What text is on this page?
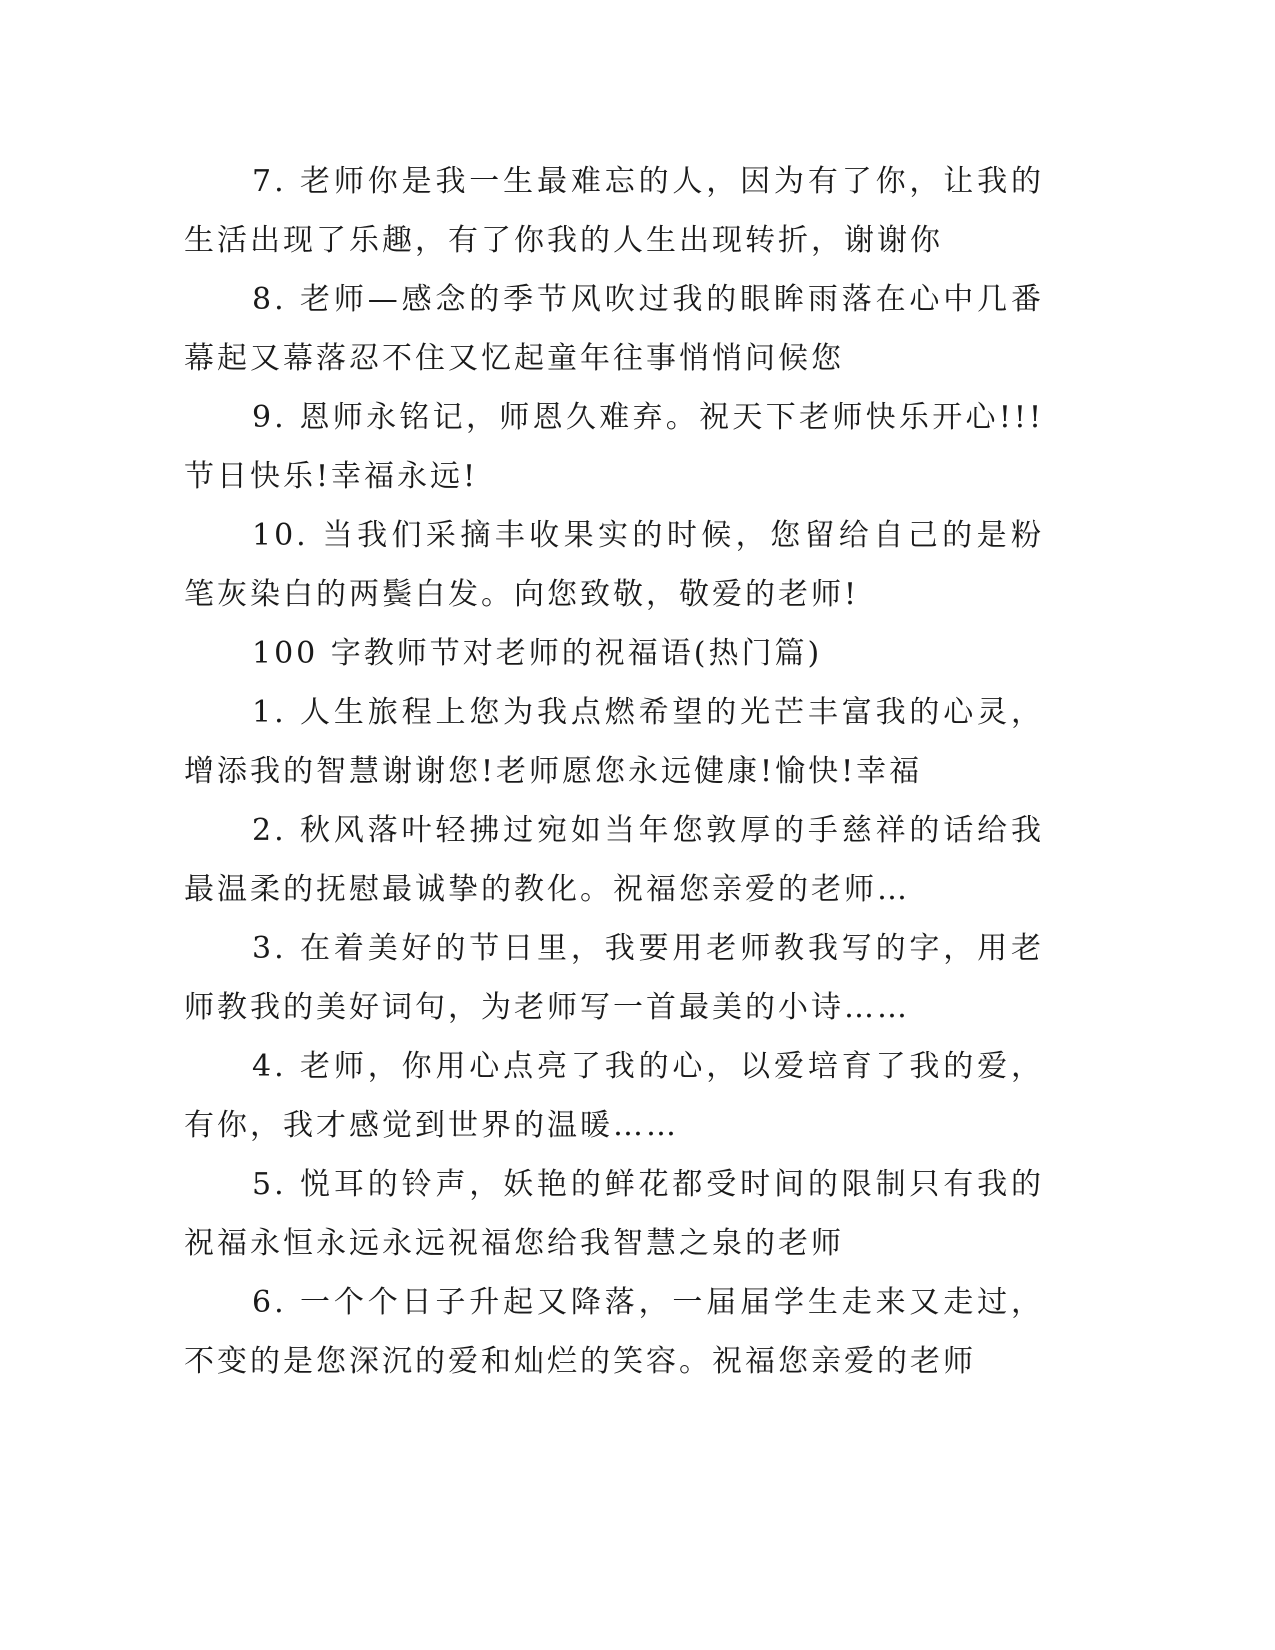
7. 老师你是我一生最难忘的人，因为有了你，让我的生活出现了乐趣，有了你我的人生出现转折，谢谢你

8. 老师—感念的季节风吹过我的眼眸雨落在心中几番幕起又幕落忍不住又忆起童年往事悄悄问候您

9. 恩师永铭记，师恩久难弃。祝天下老师快乐开心!!!节日快乐!幸福永远!

10. 当我们采摘丰收果实的时候，您留给自己的是粉笔灰染白的两鬓白发。向您致敬，敬爱的老师!

100 字教师节对老师的祝福语(热门篇)

1. 人生旅程上您为我点燃希望的光芒丰富我的心灵，增添我的智慧谢谢您!老师愿您永远健康!愉快!幸福

2. 秋风落叶轻拂过宛如当年您敦厚的手慈祥的话给我最温柔的抚慰最诚挚的教化。祝福您亲爱的老师…

3. 在着美好的节日里，我要用老师教我写的字，用老师教我的美好词句，为老师写一首最美的小诗……

4. 老师，你用心点亮了我的心，以爱培育了我的爱，有你，我才感觉到世界的温暖……

5. 悦耳的铃声，妖艳的鲜花都受时间的限制只有我的祝福永恒永远永远祝福您给我智慧之泉的老师

6. 一个个日子升起又降落，一届届学生走来又走过，不变的是您深沉的爱和灿烂的笑容。祝福您亲爱的老师
